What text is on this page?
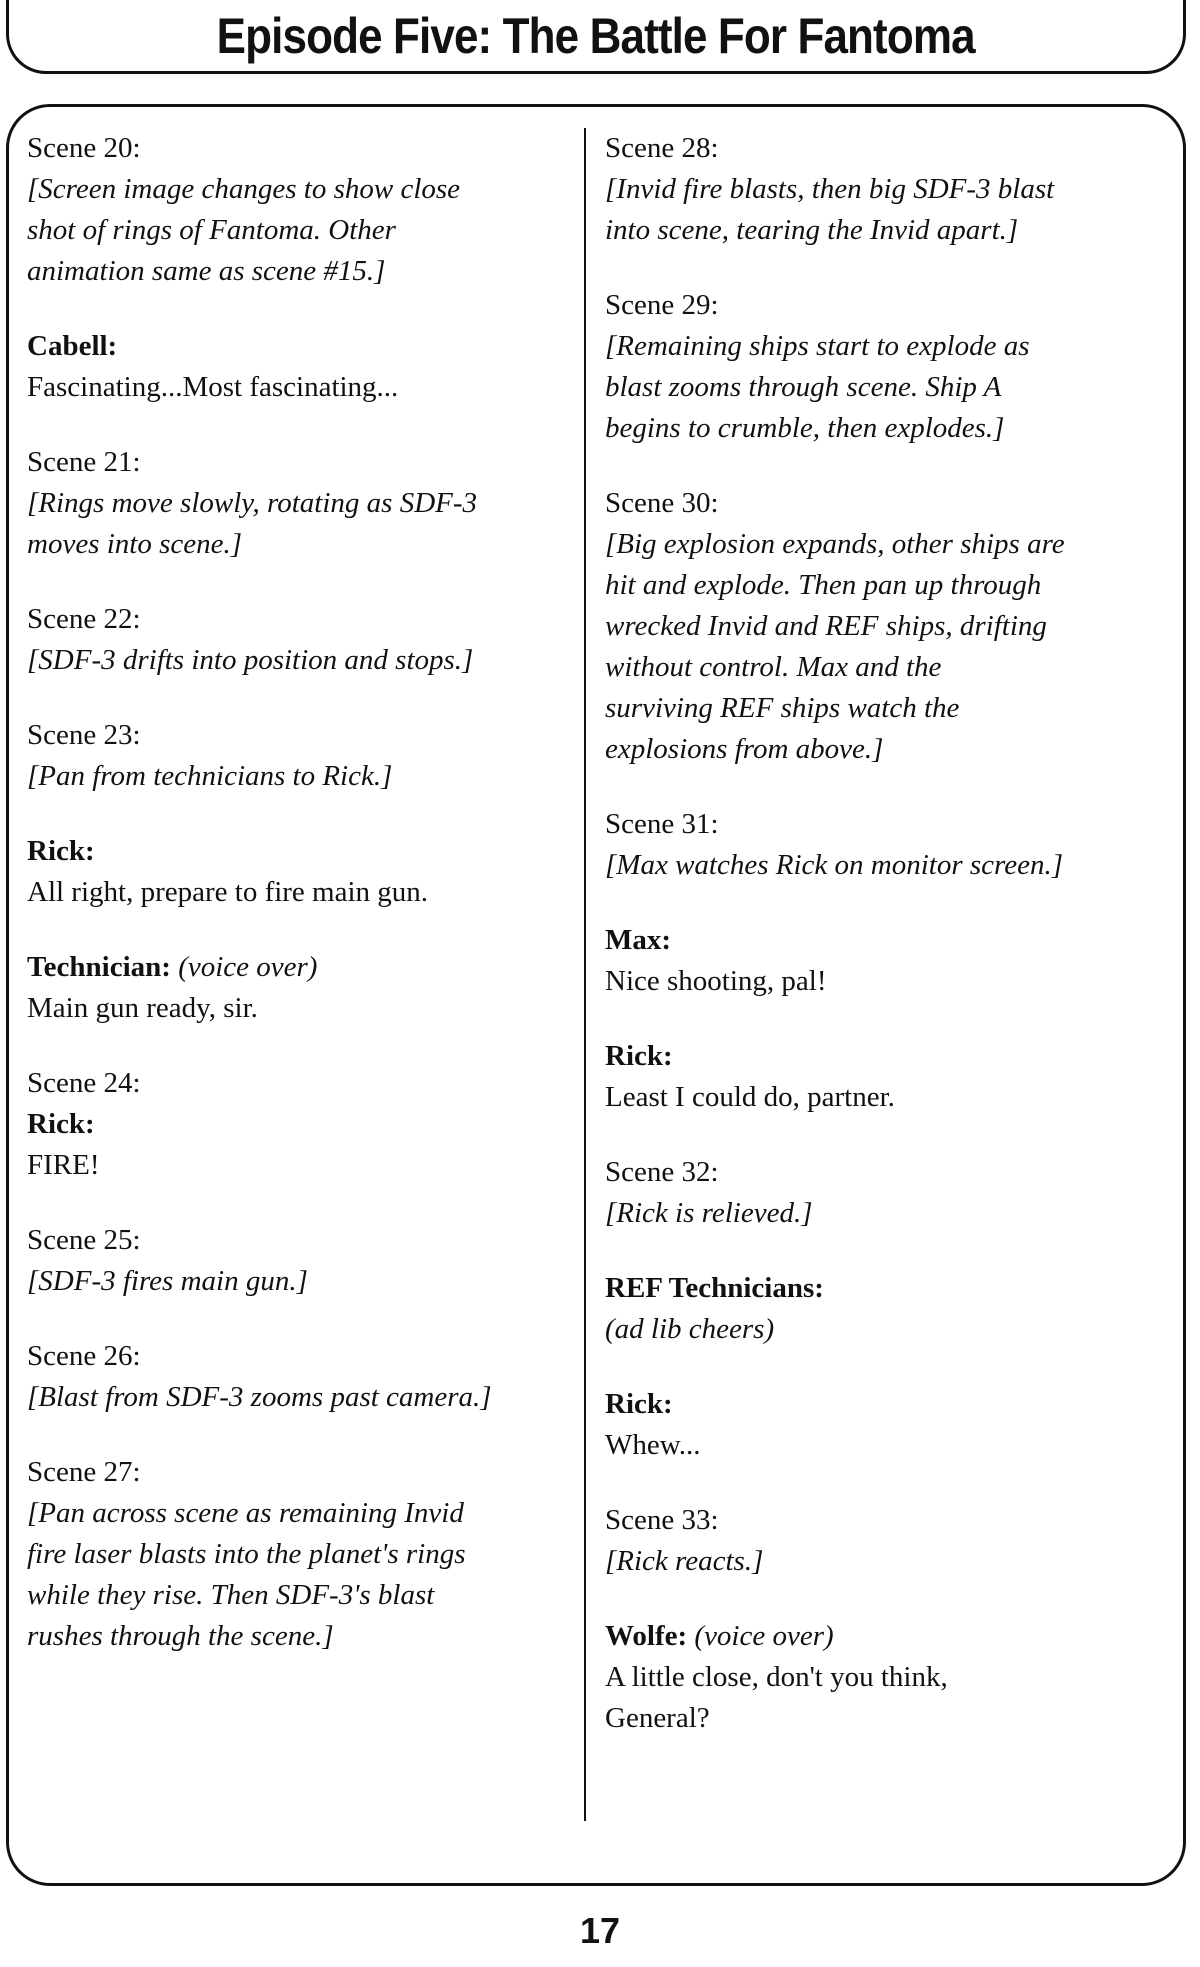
Episode Five: The Battle For Fantoma
Scene 20:
[Screen image changes to show close
shot of rings of Fantoma. Other
animation same as scene #15.]
Cabell:
Fascinating...Most fascinating...
Scene 21:
[Rings move slowly, rotating as SDF-3
moves into scene.]
Scene 22:
[SDF-3 drifts into position and stops.]
Scene 23:
[Pan from technicians to Rick.]
Rick:
All right, prepare to fire main gun.
Technician: (voice over)
Main gun ready, sir.
Scene 24:
Rick:
FIRE!
Scene 25:
[SDF-3 fires main gun.]
Scene 26:
[Blast from SDF-3 zooms past camera.]
Scene 27:
[Pan across scene as remaining Invid
fire laser blasts into the planet's rings
while they rise. Then SDF-3's blast
rushes through the scene.]
Scene 28:
[Invid fire blasts, then big SDF-3 blast
into scene, tearing the Invid apart.]
Scene 29:
[Remaining ships start to explode as
blast zooms through scene. Ship A
begins to crumble, then explodes.]
Scene 30:
[Big explosion expands, other ships are
hit and explode. Then pan up through
wrecked Invid and REF ships, drifting
without control. Max and the
surviving REF ships watch the
explosions from above.]
Scene 31:
[Max watches Rick on monitor screen.]
Max:
Nice shooting, pal!
Rick:
Least I could do, partner.
Scene 32:
[Rick is relieved.]
REF Technicians:
(ad lib cheers)
Rick:
Whew...
Scene 33:
[Rick reacts.]
Wolfe: (voice over)
A little close, don't you think,
General?
17
